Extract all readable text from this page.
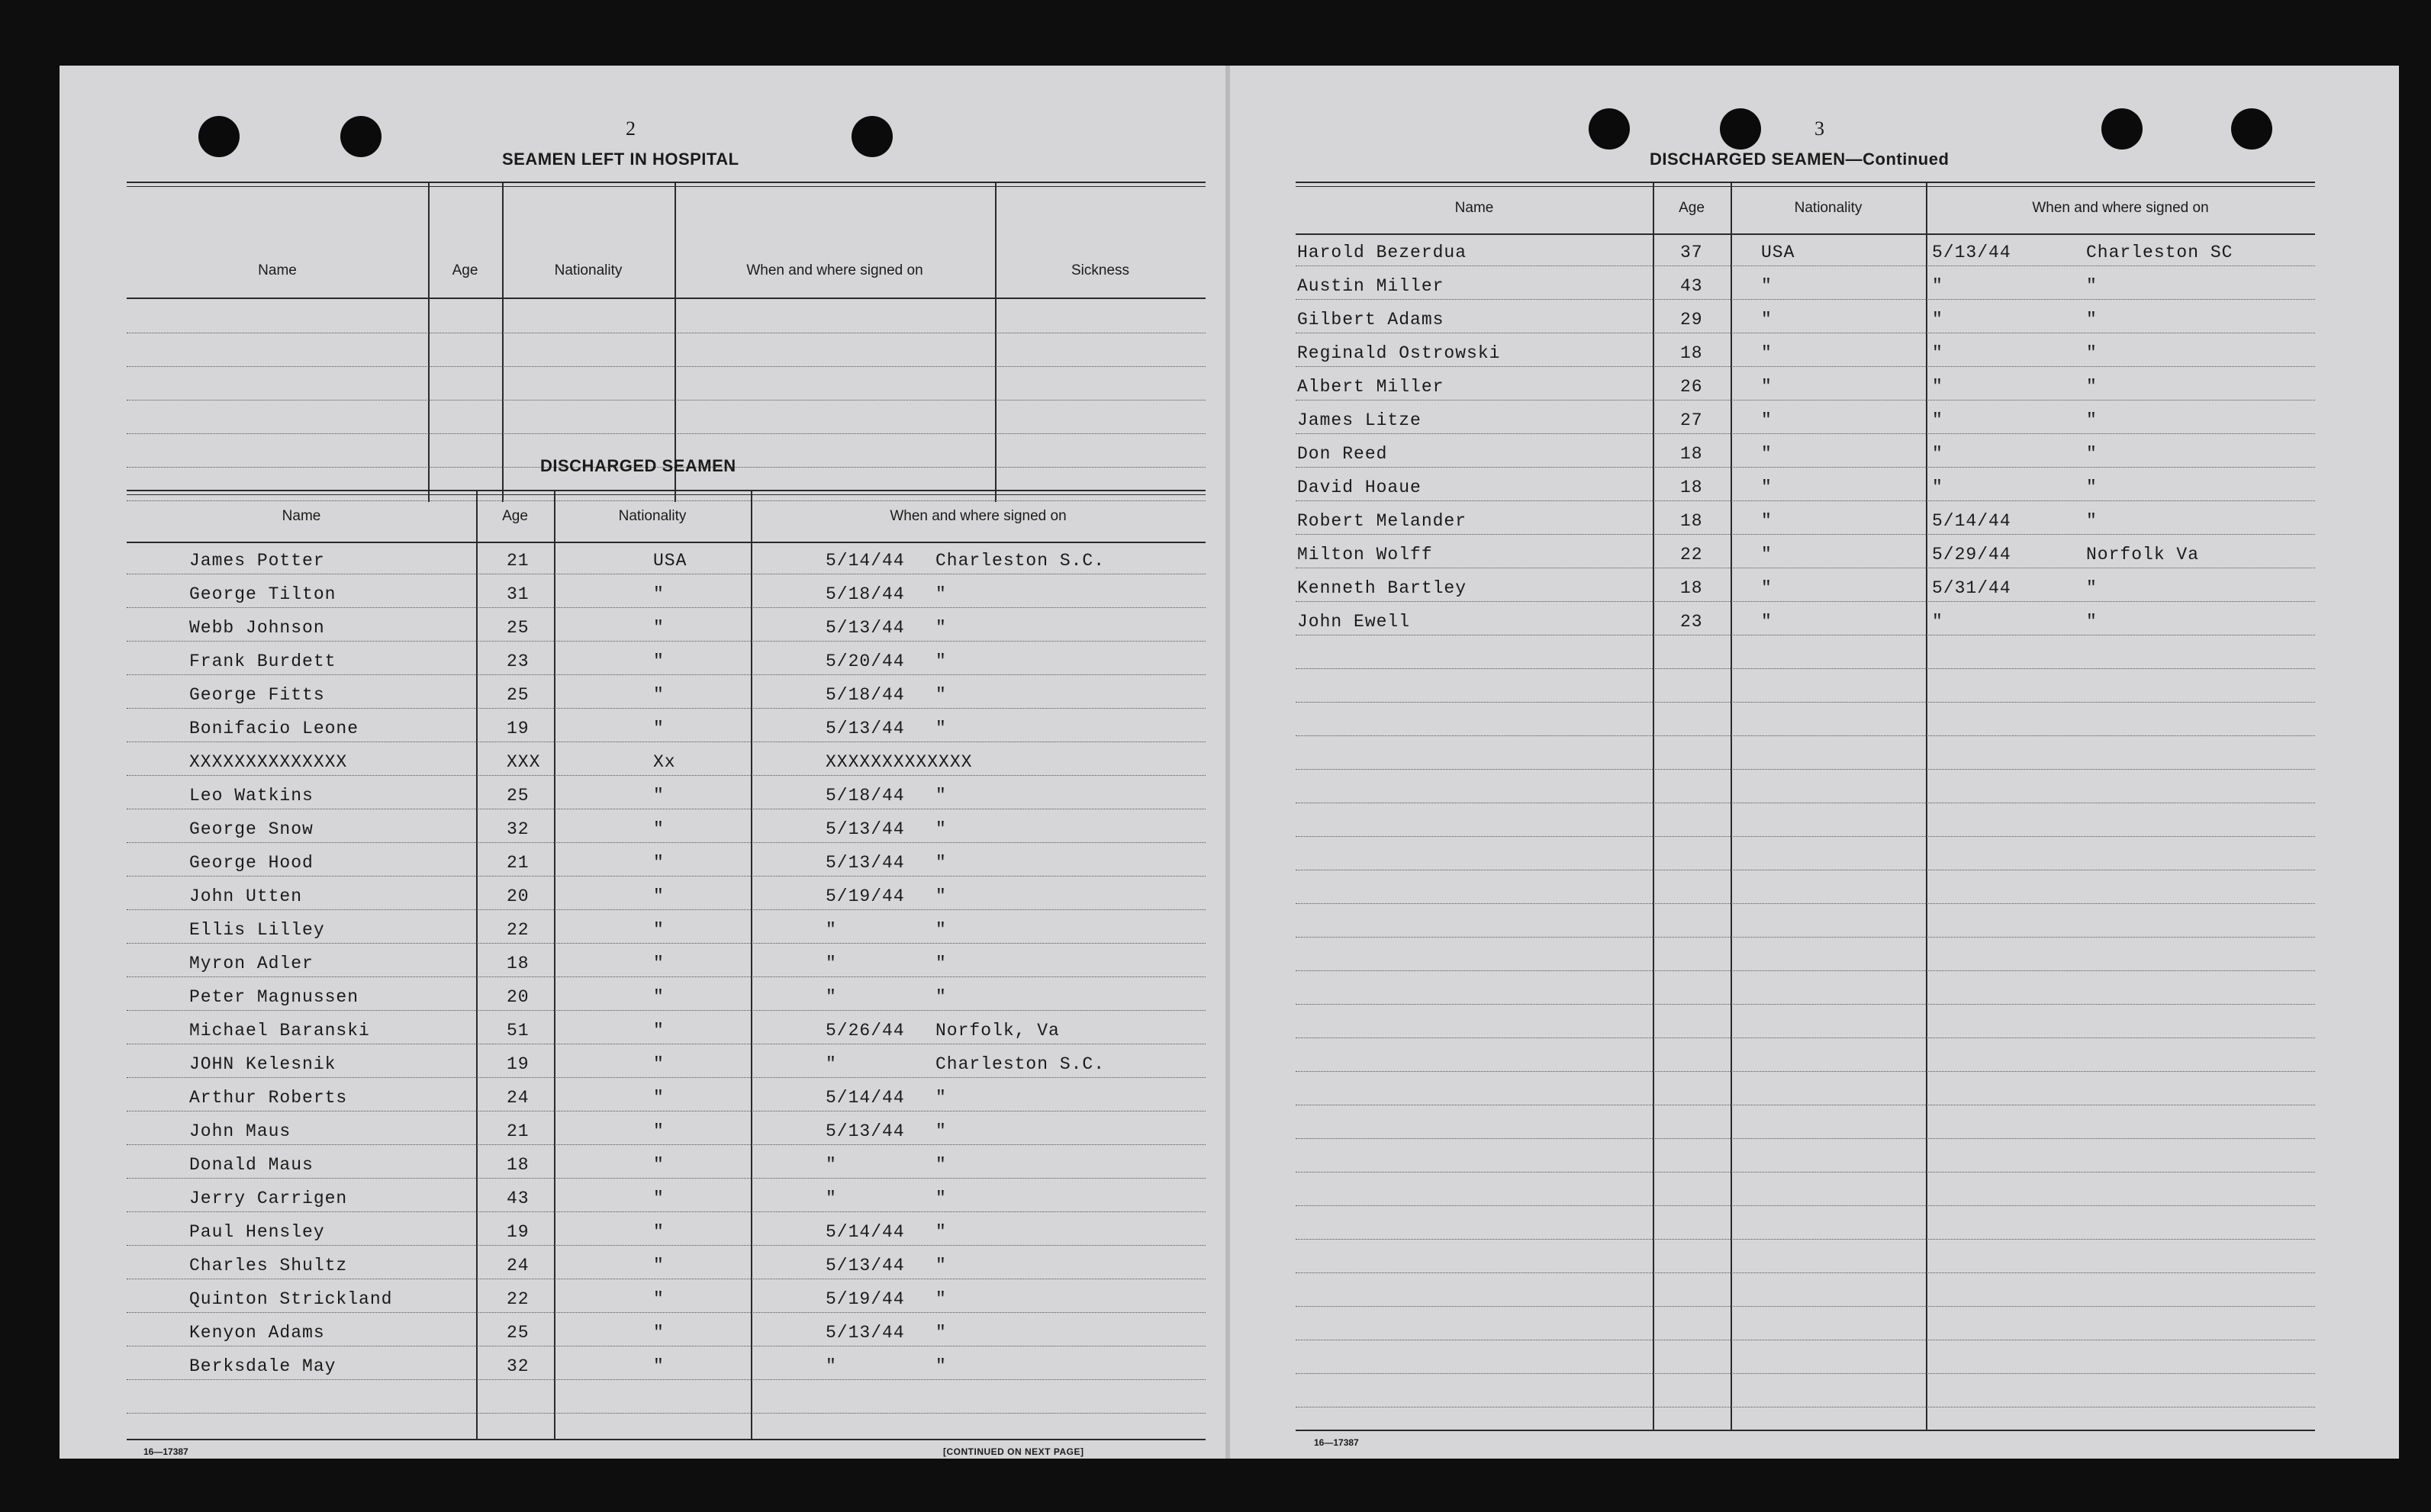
2
SEAMEN LEFT IN HOSPITAL
Name	Age	Nationality	When and where signed on	Sickness
DISCHARGED SEAMEN
Name	Age	Nationality	When and where signed on
James Potter	21	USA	5/14/44 Charleston S.C.
George Tilton	31	"	5/18/44 "
Webb Johnson	25	"	5/13/44 "
Frank Burdett	23	"	5/20/44 "
George Fitts	25	"	5/18/44 "
Bonifacio Leone	19	"	5/13/44 "
XXXXXXXXXXXXXX	XXX	Xx	XXXXXXXXXXXXX
Leo Watkins	25	"	5/18/44 "
George Snow	32	"	5/13/44 "
George Hood	21	"	5/13/44 "
John Utten	20	"	5/19/44 "
Ellis Lilley	22	"	"	"
Myron Adler	18	"	"	"
Peter Magnussen	20	"	"	"
Michael Baranski	51	"	5/26/44 Norfolk, Va
JOHN Kelesnik	19	"	"	Charleston S.C.
Arthur Roberts	24	"	5/14/44 "
John Maus	21	"	5/13/44 "
Donald Maus	18	"	"	"
Jerry Carrigen	43	"	"	"
Paul Hensley	19	"	5/14/44 "
Charles Shultz	24	"	5/13/44 "
Quinton Strickland	22	"	5/19/44 "
Kenyon Adams	25	"	5/13/44 "
Berksdale May	32	"	"	"
16—17387	[CONTINUED ON NEXT PAGE]
3
DISCHARGED SEAMEN—Continued
Name	Age	Nationality	When and where signed on
Harold Bezerdua	37	USA	5/13/44	Charleston SC
Austin Miller	43	"	"	"
Gilbert Adams	29	"	"	"
Reginald Ostrowski	18	"	"	"
Albert Miller	26	"	"	"
James Litze	27	"	"	"
Don Reed	18	"	"	"
David Hoaue	18	"	"	"
Robert Melander	18	"	5/14/44	"
Milton Wolff	22	"	5/29/44	Norfolk Va
Kenneth Bartley	18	"	5/31/44	"
John Ewell	23	"	"	"
16—17387
